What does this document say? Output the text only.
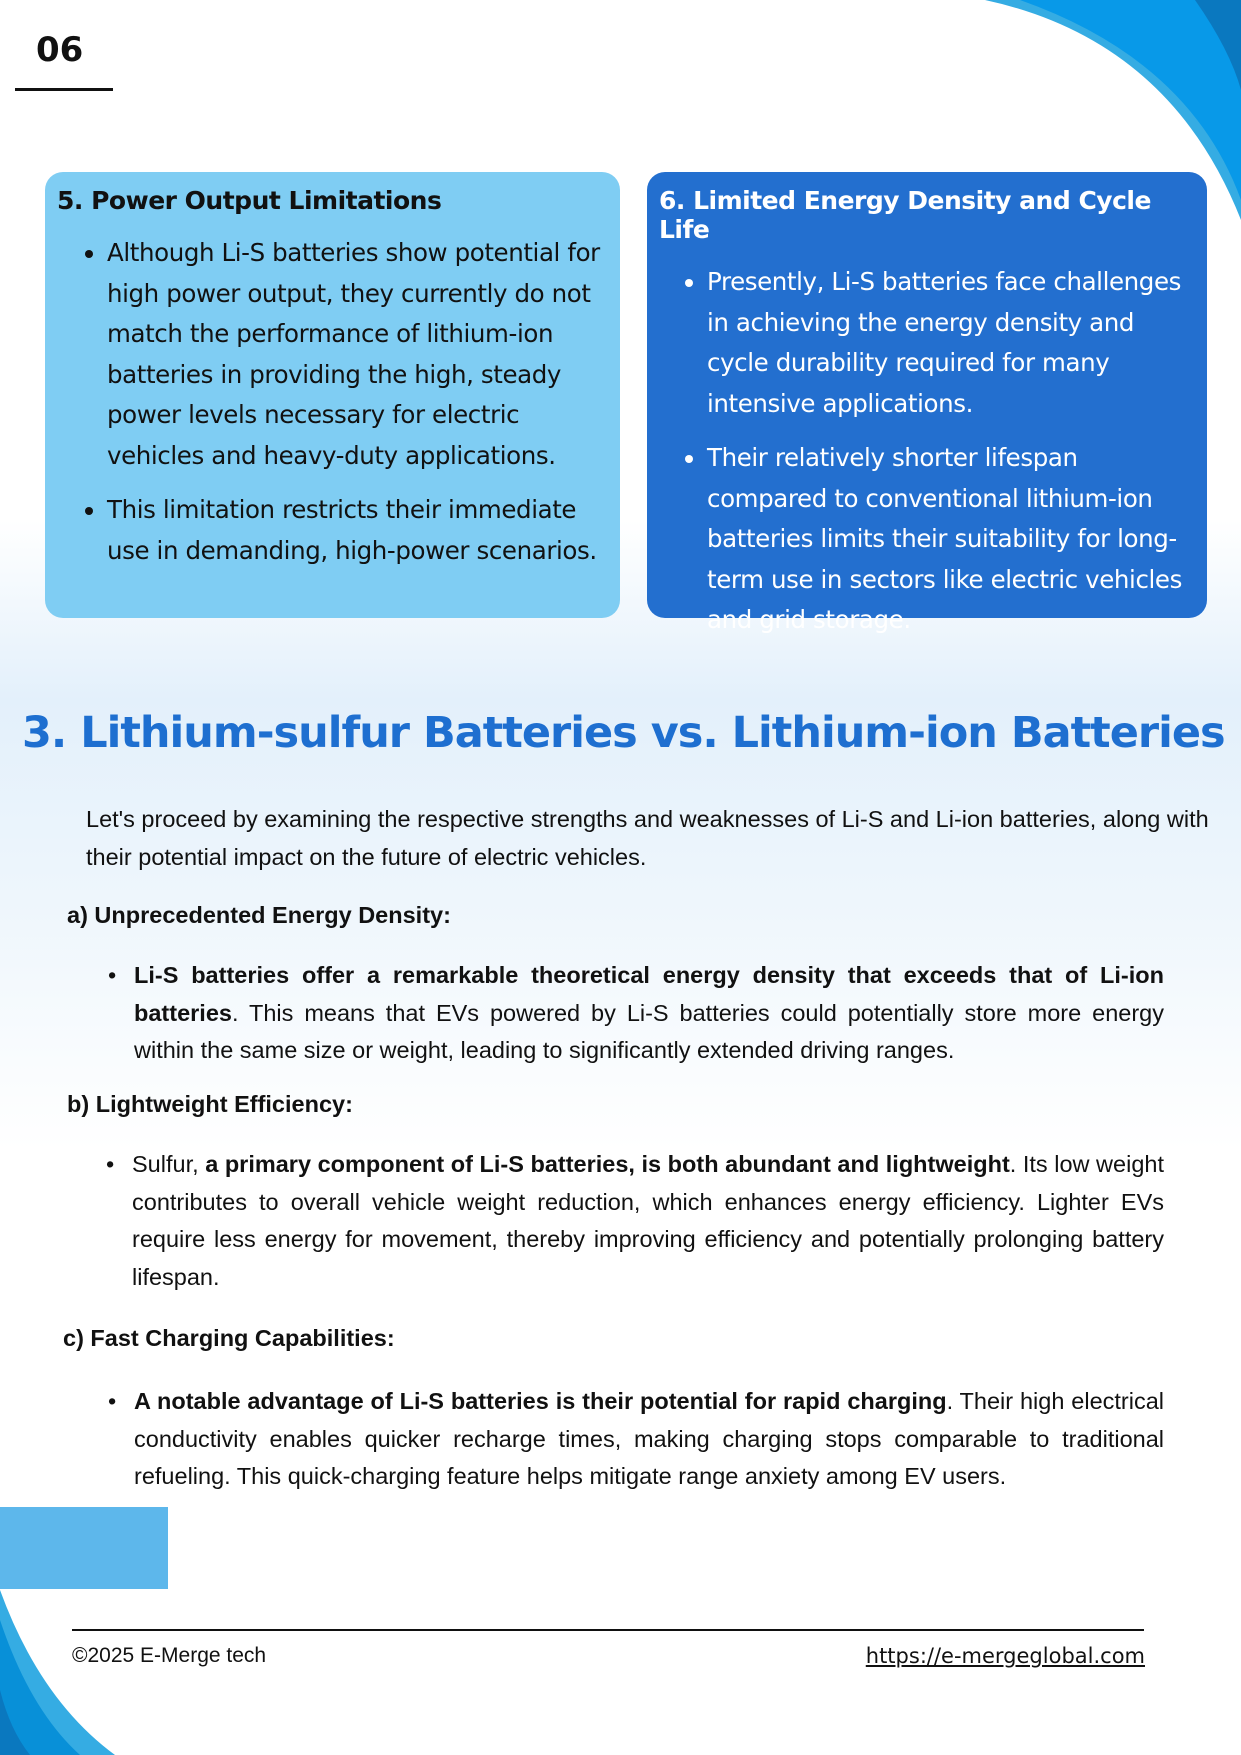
06
5. Power Output Limitations
• Although Li-S batteries show potential for high power output, they currently do not match the performance of lithium-ion batteries in providing the high, steady power levels necessary for electric vehicles and heavy-duty applications.
• This limitation restricts their immediate use in demanding, high-power scenarios.
6. Limited Energy Density and Cycle Life
• Presently, Li-S batteries face challenges in achieving the energy density and cycle durability required for many intensive applications.
• Their relatively shorter lifespan compared to conventional lithium-ion batteries limits their suitability for long-term use in sectors like electric vehicles and grid storage.
3. Lithium-sulfur Batteries vs. Lithium-ion Batteries

Let's proceed by examining the respective strengths and weaknesses of Li-S and Li-ion batteries, along with their potential impact on the future of electric vehicles.

a) Unprecedented Energy Density:

• Li-S batteries offer a remarkable theoretical energy density that exceeds that of Li-ion batteries. This means that EVs powered by Li-S batteries could potentially store more energy within the same size or weight, leading to significantly extended driving ranges.

b) Lightweight Efficiency:

• Sulfur, a primary component of Li-S batteries, is both abundant and lightweight. Its low weight contributes to overall vehicle weight reduction, which enhances energy efficiency. Lighter EVs require less energy for movement, thereby improving efficiency and potentially prolonging battery lifespan.

c) Fast Charging Capabilities:

• A notable advantage of Li-S batteries is their potential for rapid charging. Their high electrical conductivity enables quicker recharge times, making charging stops comparable to traditional refueling. This quick-charging feature helps mitigate range anxiety among EV users.

©2025 E-Merge tech	https://e-mergeglobal.com
